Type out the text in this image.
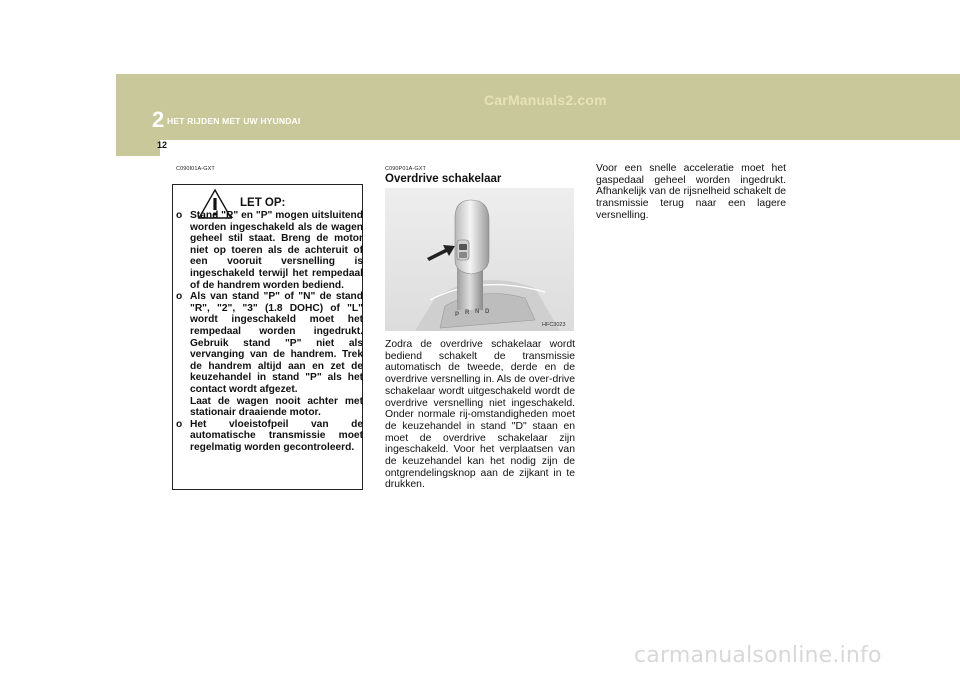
2 HET RIJDEN MET UW HYUNDAI
12
CarManuals2.com
C090I01A-GXT
LET OP:
o Stand "R" en "P" mogen uitsluitend worden ingeschakeld als de wagen geheel stil staat. Breng de motor niet op toeren als de achteruit of een vooruit versnelling is ingeschakeld terwijl het rempedaal of de handrem worden bediend.
o Als van stand "P" of "N" de stand "R", "2", "3" (1.8 DOHC) of "L" wordt ingeschakeld moet het rempedaal worden ingedrukt. Gebruik stand "P" niet als vervanging van de handrem. Trek de handrem altijd aan en zet de keuzehandel in stand "P" als het contact wordt afgezet.
Laat de wagen nooit achter met stationair draaiende motor.
o Het vloeistofpeil van de automatische transmissie moet regelmatig worden gecontroleerd.
C090P01A-GXT
Overdrive schakelaar
P R N D
HFC3023

Zodra de overdrive schakelaar wordt bediend schakelt de transmissie automatisch de tweede, derde en de overdrive versnelling in. Als de over-drive schakelaar wordt uitgeschakeld wordt de overdrive versnelling niet ingeschakeld. Onder normale rij-omstandigheden moet de keuzehandel in stand "D" staan en moet de overdrive schakelaar zijn ingeschakeld. Voor het verplaatsen van de keuzehandel kan het nodig zijn de ontgrendelingsknop aan de zijkant in te drukken.

Voor een snelle acceleratie moet het gaspedaal geheel worden ingedrukt. Afhankelijk van de rijsnelheid schakelt de transmissie terug naar een lagere versnelling.

carmanualsonline.info
